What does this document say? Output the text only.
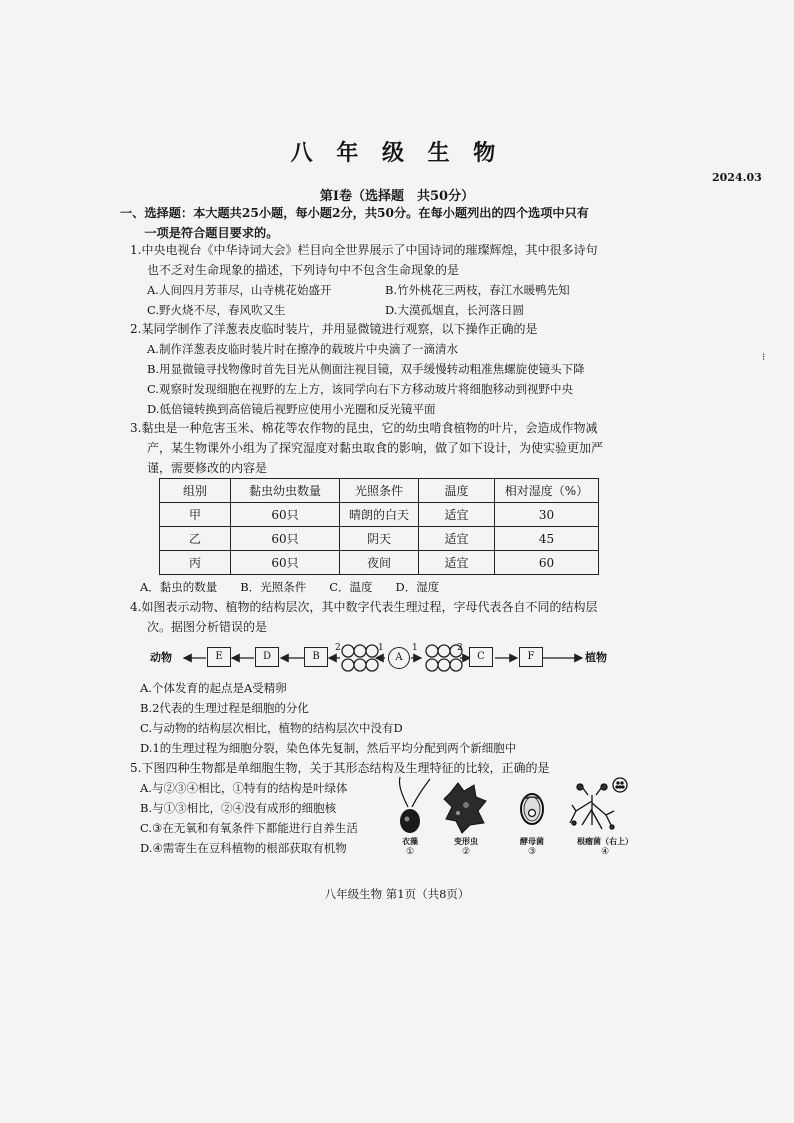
八 年 级 生 物
2024.03
第Ⅰ卷（选择题　共50分）
⁝
一、选择题：本大题共25小题，每小题2分，共50分。在每小题列出的四个选项中只有
　　一项是符合题目要求的。
1.中央电视台《中华诗词大会》栏目向全世界展示了中国诗词的璀璨辉煌，其中很多诗句
也不乏对生命现象的描述，下列诗句中不包含生命现象的是
A.人间四月芳菲尽，山寺桃花始盛开	B.竹外桃花三两枝，春江水暖鸭先知
C.野火烧不尽，春风吹又生	D.大漠孤烟直，长河落日圆
2.某同学制作了洋葱表皮临时装片，并用显微镜进行观察，以下操作正确的是
A.制作洋葱表皮临时装片时在擦净的载玻片中央滴了一滴清水
B.用显微镜寻找物像时首先目光从侧面注视目镜，双手缓慢转动粗准焦螺旋使镜头下降
C.观察时发现细胞在视野的左上方，该同学向右下方移动玻片将细胞移动到视野中央
D.低倍镜转换到高倍镜后视野应使用小光圈和反光镜平面
3.黏虫是一种危害玉米、棉花等农作物的昆虫，它的幼虫啃食植物的叶片，会造成作物减
产，某生物课外小组为了探究湿度对黏虫取食的影响，做了如下设计，为使实验更加严
谨，需要修改的内容是
组别	黏虫幼虫数量	光照条件	温度	相对湿度（%）
甲	60只	晴朗的白天	适宜	30
乙	60只	阴天	适宜	45
丙	60只	夜间	适宜	60
A．黏虫的数量　　B．光照条件　　C．温度　　D．湿度
4.如图表示动物、植物的结构层次，其中数字代表生理过程，字母代表各自不同的结构层
次。据图分析错误的是
动物	植物
E	D	B	A	C	F
2	1	1	2
A.个体发育的起点是A受精卵
B.2代表的生理过程是细胞的分化
C.与动物的结构层次相比，植物的结构层次中没有D
D.1的生理过程为细胞分裂，染色体先复制，然后平均分配到两个新细胞中
5.下图四种生物都是单细胞生物，关于其形态结构及生理特征的比较，正确的是
A.与②③④相比，①特有的结构是叶绿体
B.与①③相比，②④没有成形的细胞核
C.③在无氧和有氧条件下都能进行自养生活
D.④需寄生在豆科植物的根部获取有机物	衣藻	变形虫	酵母菌	根瘤菌（右上）
①	②	③	④
八年级生物 第1页（共8页）
